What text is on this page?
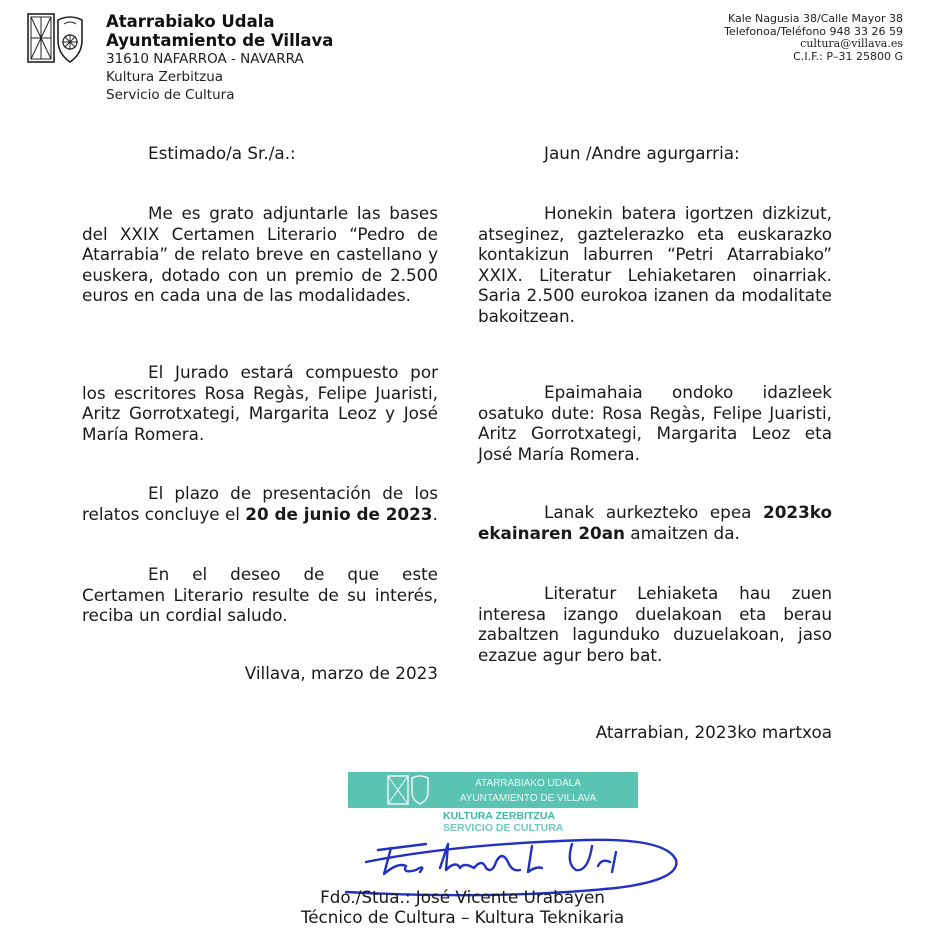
Atarrabiako Udala
Ayuntamiento de Villava
31610 NAFARROA - NAVARRA
Kultura Zerbitzua
Servicio de Cultura
Kale Nagusia 38/Calle Mayor 38
Telefonoa/Teléfono 948 33 26 59
cultura@villava.es
C.I.F.: P–31 25800 G

Estimado/a Sr./a.:

Me es grato adjuntarle las bases del XXIX Certamen Literario “Pedro de Atarrabia” de relato breve en castellano y euskera, dotado con un premio de 2.500 euros en cada una de las modalidades.

El Jurado estará compuesto por los escritores Rosa Regàs, Felipe Juaristi, Aritz Gorrotxategi, Margarita Leoz y José María Romera.

El plazo de presentación de los relatos concluye el 20 de junio de 2023.

En el deseo de que este Certamen Literario resulte de su interés, reciba un cordial saludo.

Villava, marzo de 2023

Jaun /Andre agurgarria:

Honekin batera igortzen dizkizut, atseginez, gaztelerazko eta euskarazko kontakizun laburren “Petri Atarrabiako” XXIX. Literatur Lehiaketaren oinarriak. Saria 2.500 eurokoa izanen da modalitate bakoitzean.

Epaimahaia ondoko idazleek osatuko dute: Rosa Regàs, Felipe Juaristi, Aritz Gorrotxategi, Margarita Leoz eta José María Romera.

Lanak aurkezteko epea 2023ko ekainaren 20an amaitzen da.

Literatur Lehiaketa hau zuen interesa izango duelakoan eta berau zabaltzen lagunduko duzuelakoan, jaso ezazue agur bero bat.

Atarrabian, 2023ko martxoa
ATARRABIAKO UDALA
AYUNTAMIENTO DE VILLAVA
KULTURA ZERBITZUA
SERVICIO DE CULTURA
Fdo./Stua.: José Vicente Urabayen
Técnico de Cultura – Kultura Teknikaria
